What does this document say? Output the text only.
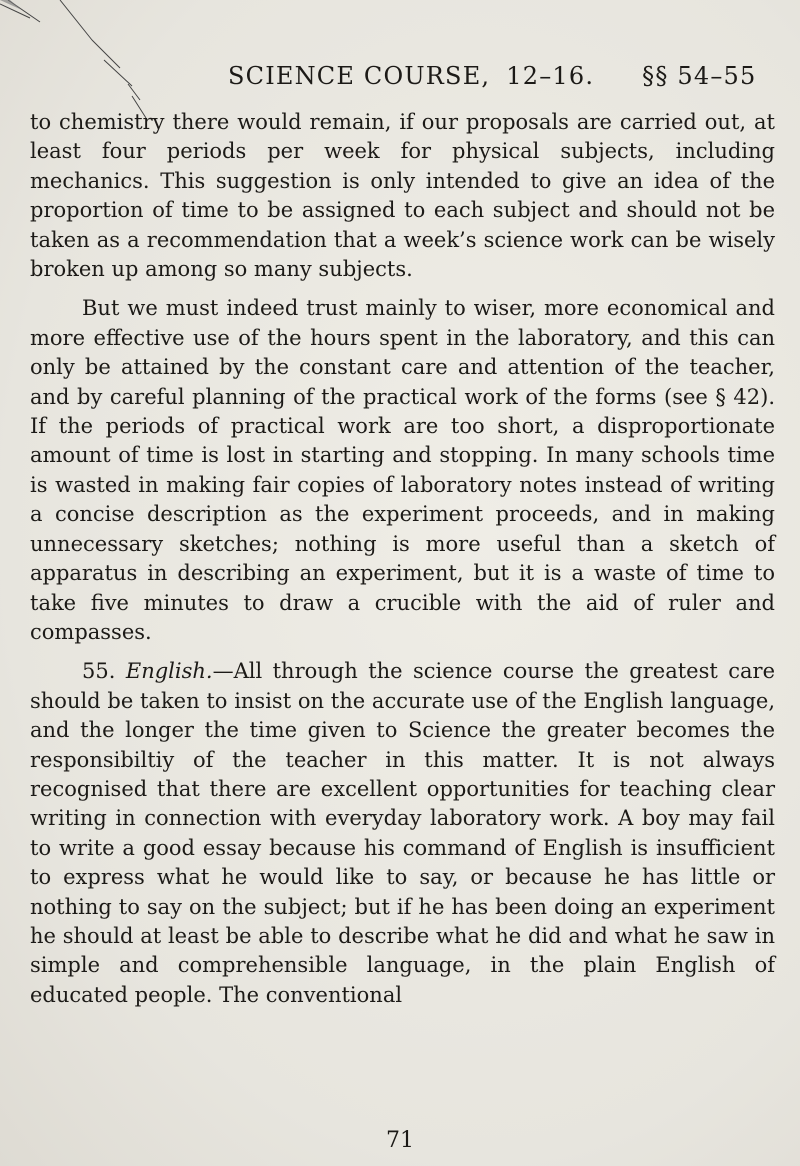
SCIENCE COURSE, 12–16. §§ 54–55

to chemistry there would remain, if our proposals are carried out, at least four periods per week for physical subjects, including mechanics. This suggestion is only intended to give an idea of the proportion of time to be assigned to each subject and should not be taken as a recommendation that a week’s science work can be wisely broken up among so many subjects.

But we must indeed trust mainly to wiser, more economical and more effective use of the hours spent in the laboratory, and this can only be attained by the constant care and attention of the teacher, and by careful planning of the practical work of the forms (see § 42). If the periods of practical work are too short, a disproportionate amount of time is lost in starting and stopping. In many schools time is wasted in making fair copies of laboratory notes instead of writing a concise description as the experiment proceeds, and in making unnecessary sketches; nothing is more useful than a sketch of apparatus in describing an experiment, but it is a waste of time to take five minutes to draw a crucible with the aid of ruler and compasses.

55. English.—All through the science course the greatest care should be taken to insist on the accurate use of the English language, and the longer the time given to Science the greater becomes the responsibiltiy of the teacher in this matter. It is not always recognised that there are excellent opportunities for teaching clear writing in connection with everyday laboratory work. A boy may fail to write a good essay because his command of English is insufficient to express what he would like to say, or because he has little or nothing to say on the subject; but if he has been doing an experiment he should at least be able to describe what he did and what he saw in simple and comprehensible language, in the plain English of educated people. The conventional

71
